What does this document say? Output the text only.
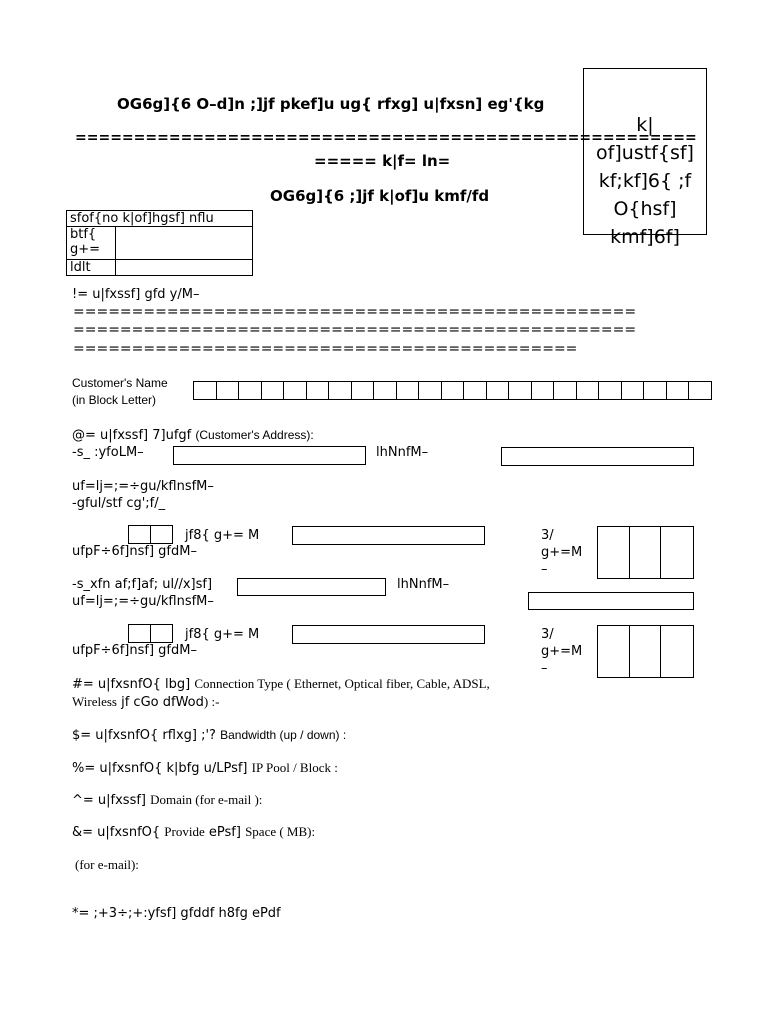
OG6g]{6 O–d]n ;]jf pkef]u ug{ rfxg] u|fxsn] eg'{kg
=====================================================
===== k|f= ln=
OG6g]{6 ;]jf k|of]u kmf/fd
k|
of]ustf{sf]
kf;kf]6{ ;f
O{hsf]
kmf]6f]
sfof{no k|of]hgsf] nflu	
btf{
g+=	
ldlt	
!= u|fxssf] gfd y/M–
================================================
================================================
===========================================
Customer's Name
(in Block Letter)
@= u|fxssf] 7]ufgf (Customer's Address):
-s_ :yfoLM–	lhNnfM–
uf=lj=;=÷gu/kflnsfM–
-gful/stf cg';f/_
jf8{ g+= M	3/ g+=M –
ufpF÷6f]nsf] gfdM–
-s_xfn af;f]af; ul//x]sf]	lhNnfM–
uf=lj=;=÷gu/kflnsfM–
jf8{ g+= M	3/ g+=M –
ufpF÷6f]nsf] gfdM–
#= u|fxsnfO{ lbg] Connection Type ( Ethernet, Optical fiber, Cable, ADSL,
Wireless jf cGo dfWod) :-
$= u|fxsnfO{ rflxg] ;'? Bandwidth (up / down) :
%= u|fxsnfO{ k|bfg u/LPsf] IP Pool / Block :
^= u|fxssf] Domain (for e-mail ):
&= u|fxsnfO{ Provide ePsf] Space ( MB):
(for e-mail):
*= ;+3÷;+:yfsf] gfddf h8fg ePdf
